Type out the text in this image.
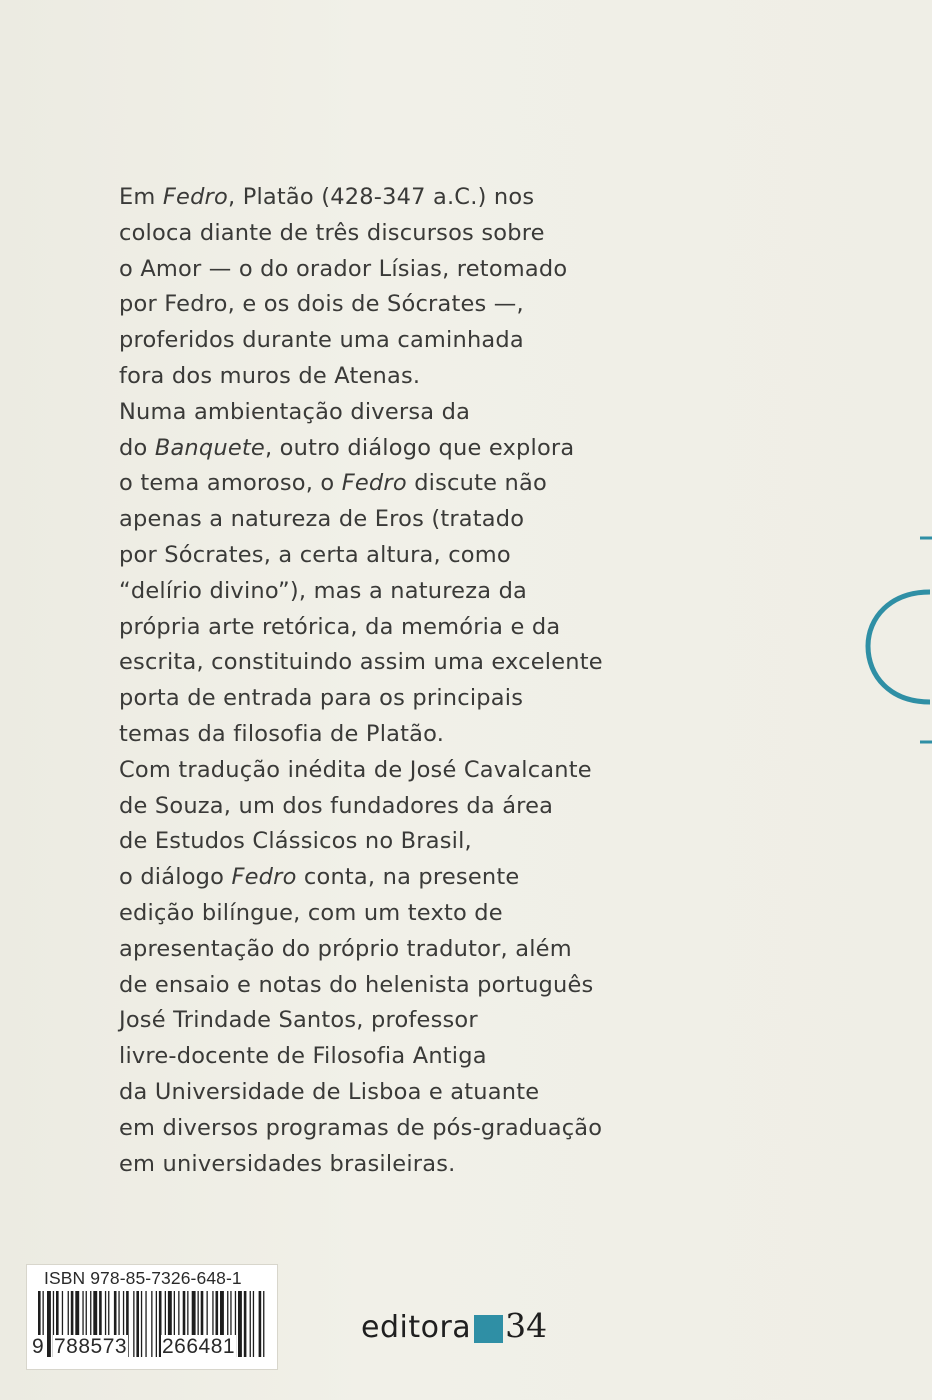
Em Fedro, Platão (428-347 a.C.) nos
coloca diante de três discursos sobre
o Amor — o do orador Lísias, retomado
por Fedro, e os dois de Sócrates —,
proferidos durante uma caminhada
fora dos muros de Atenas.
Numa ambientação diversa da
do Banquete, outro diálogo que explora
o tema amoroso, o Fedro discute não
apenas a natureza de Eros (tratado
por Sócrates, a certa altura, como
“delírio divino”), mas a natureza da
própria arte retórica, da memória e da
escrita, constituindo assim uma excelente
porta de entrada para os principais
temas da filosofia de Platão.
Com tradução inédita de José Cavalcante
de Souza, um dos fundadores da área
de Estudos Clássicos no Brasil,
o diálogo Fedro conta, na presente
edição bilíngue, com um texto de
apresentação do próprio tradutor, além
de ensaio e notas do helenista português
José Trindade Santos, professor
livre-docente de Filosofia Antiga
da Universidade de Lisboa e atuante
em diversos programas de pós-graduação
em universidades brasileiras.
ISBN 978-85-7326-648-1
9 788573 266481
editora 34
